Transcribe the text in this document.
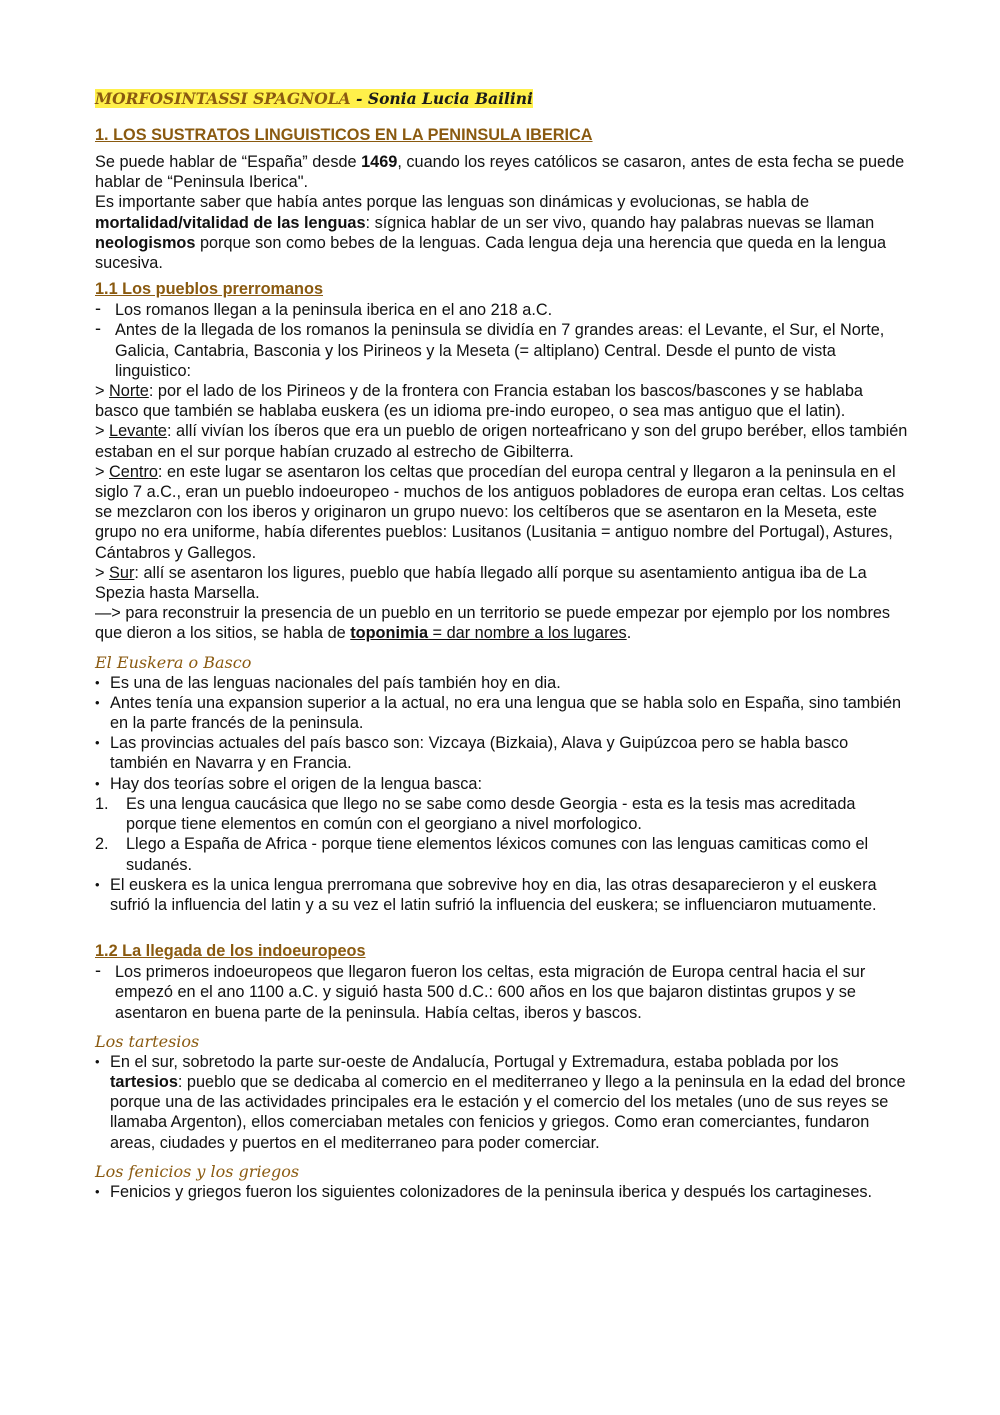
MORFOSINTASSI SPAGNOLA - Sonia Lucia Bailini
1. LOS SUSTRATOS LINGUISTICOS EN LA PENINSULA IBERICA

Se puede hablar de “España” desde 1469, cuando los reyes católicos se casaron, antes de esta fecha se puede hablar de “Peninsula Iberica".

Es importante saber que había antes porque las lenguas son dinámicas y evolucionas, se habla de mortalidad/vitalidad de las lenguas: sígnica hablar de un ser vivo, quando hay palabras nuevas se llaman neologismos porque son como bebes de la lenguas. Cada lengua deja una herencia que queda en la lengua sucesiva.

1.1 Los pueblos prerromanos
- Los romanos llegan a la peninsula iberica en el ano 218 a.C.
- Antes de la llegada de los romanos la peninsula se dividía en 7 grandes areas: el Levante, el Sur, el Norte, Galicia, Cantabria, Basconia y los Pirineos y la Meseta (= altiplano) Central. Desde el punto de vista linguistico:

> Norte: por el lado de los Pirineos y de la frontera con Francia estaban los bascos/bascones y se hablaba basco que también se hablaba euskera (es un idioma pre-indo europeo, o sea mas antiguo que el latin).

> Levante: allí vivían los íberos que era un pueblo de origen norteafricano y son del grupo beréber, ellos también estaban en el sur porque habían cruzado al estrecho de Gibilterra.

> Centro: en este lugar se asentaron los celtas que procedían del europa central y llegaron a la peninsula en el siglo 7 a.C., eran un pueblo indoeuropeo - muchos de los antiguos pobladores de europa eran celtas. Los celtas se mezclaron con los iberos y originaron un grupo nuevo: los celtíberos que se asentaron en la Meseta, este grupo no era uniforme, había diferentes pueblos: Lusitanos (Lusitania = antiguo nombre del Portugal), Astures, Cántabros y Gallegos.

> Sur: allí se asentaron los ligures, pueblo que había llegado allí porque su asentamiento antigua iba de La Spezia hasta Marsella.

—> para reconstruir la presencia de un pueblo en un territorio se puede empezar por ejemplo por los nombres que dieron a los sitios, se habla de toponimia = dar nombre a los lugares.

El Euskera o Basco
• Es una de las lenguas nacionales del país también hoy en dia.
• Antes tenía una expansion superior a la actual, no era una lengua que se habla solo en España, sino también en la parte francés de la peninsula.
• Las provincias actuales del país basco son: Vizcaya (Bizkaia), Alava y Guipúzcoa pero se habla basco también en Navarra y en Francia.
• Hay dos teorías sobre el origen de la lengua basca:
1. Es una lengua caucásica que llego no se sabe como desde Georgia - esta es la tesis mas acreditada porque tiene elementos en común con el georgiano a nivel morfologico.
2. Llego a España de Africa - porque tiene elementos léxicos comunes con las lenguas camiticas como el sudanés.
• El euskera es la unica lengua prerromana que sobrevive hoy en dia, las otras desaparecieron y el euskera sufrió la influencia del latin y a su vez el latin sufrió la influencia del euskera; se influenciaron mutuamente.
1.2 La llegada de los indoeuropeos
- Los primeros indoeuropeos que llegaron fueron los celtas, esta migración de Europa central hacia el sur empezó en el ano 1100 a.C. y siguió hasta 500 d.C.: 600 años en los que bajaron distintas grupos y se asentaron en buena parte de la peninsula. Había celtas, iberos y bascos.
Los tartesios
• En el sur, sobretodo la parte sur-oeste de Andalucía, Portugal y Extremadura, estaba poblada por los tartesios: pueblo que se dedicaba al comercio en el mediterraneo y llego a la peninsula en la edad del bronce porque una de las actividades principales era le estación y el comercio del los metales (uno de sus reyes se llamaba Argenton), ellos comerciaban metales con fenicios y griegos. Como eran comerciantes, fundaron areas, ciudades y puertos en el mediterraneo para poder comerciar.
Los fenicios y los griegos
• Fenicios y griegos fueron los siguientes colonizadores de la peninsula iberica y después los cartagineses.
